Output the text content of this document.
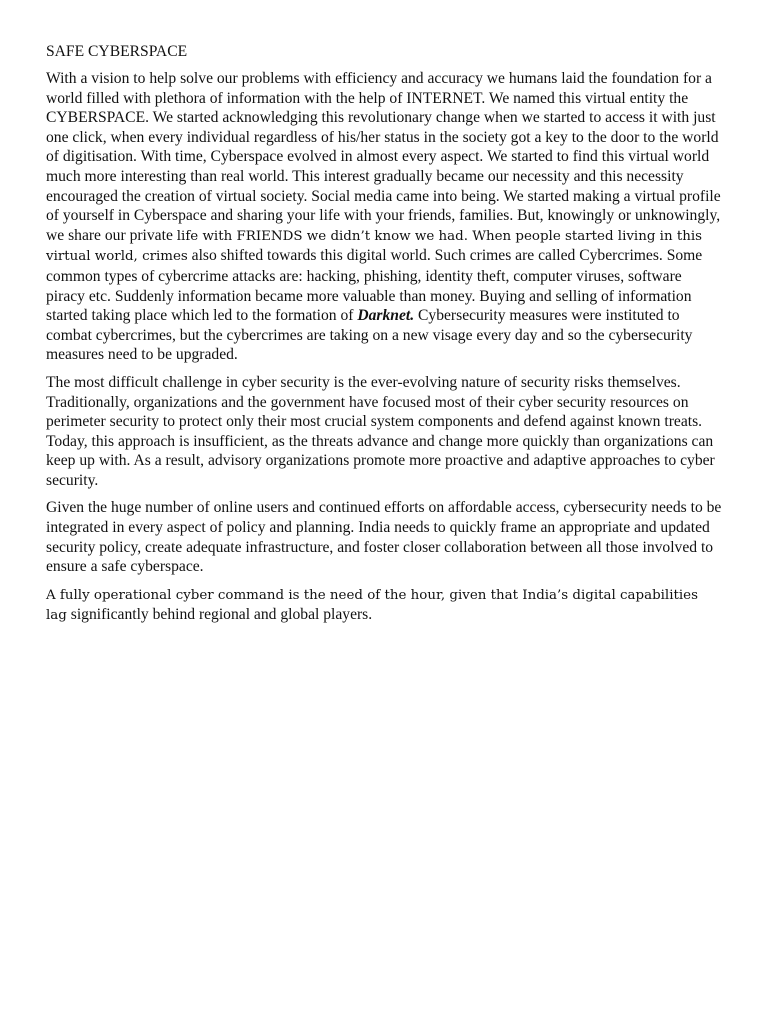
SAFE CYBERSPACE

With a vision to help solve our problems with efficiency and accuracy we humans laid the foundation for a world filled with plethora of information with the help of INTERNET. We named this virtual entity the CYBERSPACE. We started acknowledging this revolutionary change when we started to access it with just one click, when every individual regardless of his/her status in the society got a key to the door to the world of digitisation. With time, Cyberspace evolved in almost every aspect. We started to find this virtual world much more interesting than real world. This interest gradually became our necessity and this necessity encouraged the creation of virtual society. Social media came into being. We started making a virtual profile of yourself in Cyberspace and sharing your life with your friends, families. But, knowingly or unknowingly, we share our private life with FRIENDS we didn’t know we had. When people started living in this virtual world, crimes also shifted towards this digital world. Such crimes are called Cybercrimes. Some common types of cybercrime attacks are: hacking, phishing, identity theft, computer viruses, software piracy etc. Suddenly information became more valuable than money. Buying and selling of information started taking place which led to the formation of Darknet. Cybersecurity measures were instituted to combat cybercrimes, but the cybercrimes are taking on a new visage every day and so the cybersecurity measures need to be upgraded.

The most difficult challenge in cyber security is the ever-evolving nature of security risks themselves. Traditionally, organizations and the government have focused most of their cyber security resources on perimeter security to protect only their most crucial system components and defend against known treats. Today, this approach is insufficient, as the threats advance and change more quickly than organizations can keep up with. As a result, advisory organizations promote more proactive and adaptive approaches to cyber security.

Given the huge number of online users and continued efforts on affordable access, cybersecurity needs to be integrated in every aspect of policy and planning. India needs to quickly frame an appropriate and updated security policy, create adequate infrastructure, and foster closer collaboration between all those involved to ensure a safe cyberspace.

A fully operational cyber command is the need of the hour, given that India’s digital capabilities lag significantly behind regional and global players.
